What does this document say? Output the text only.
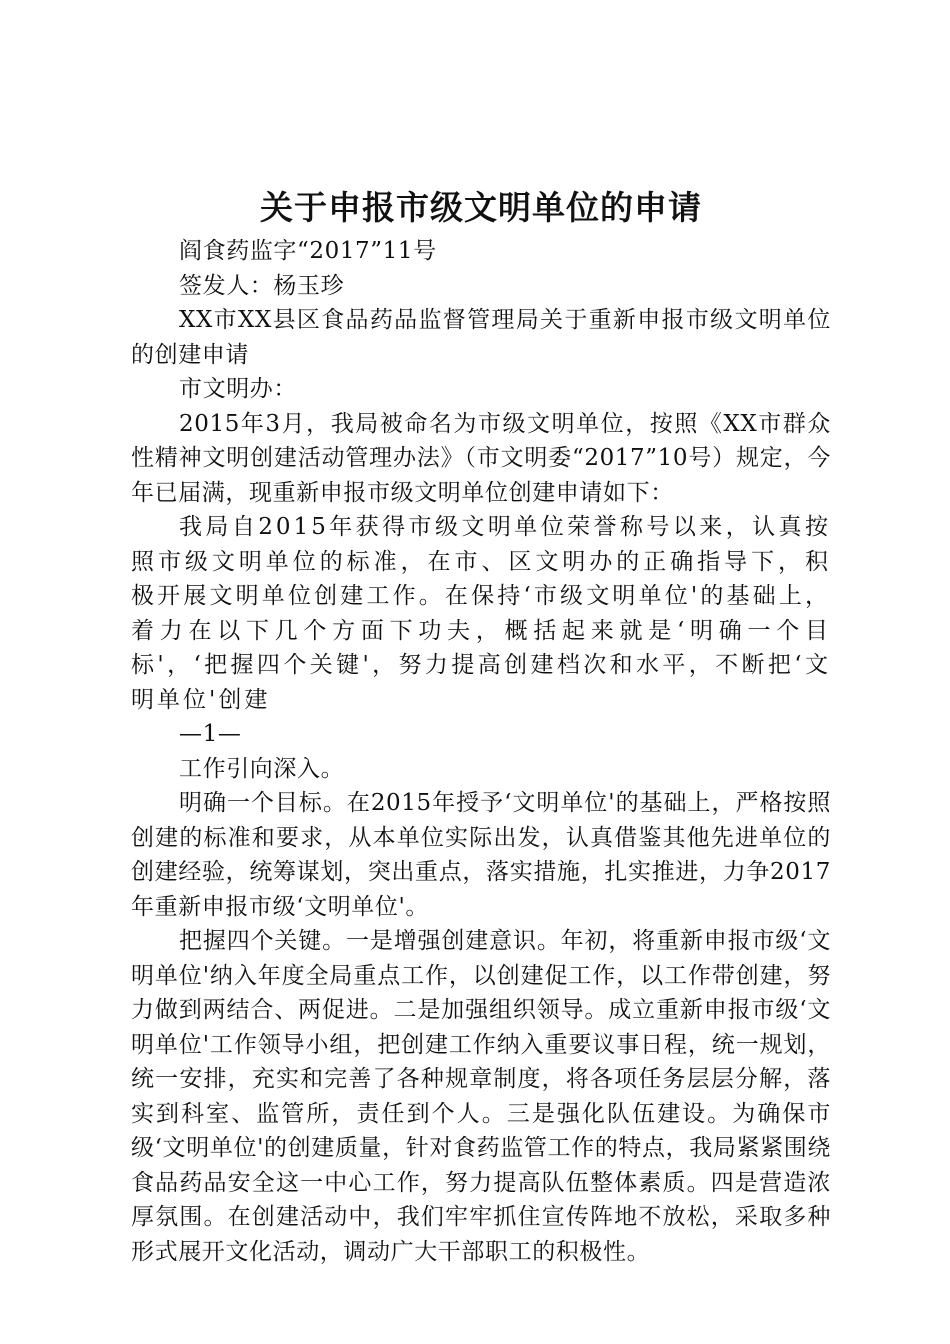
关于申报市级文明单位的申请

阎食药监字“2017”11号

签发人：杨玉珍

XX市XX县区食品药品监督管理局关于重新申报市级文明单位的创建申请

市文明办：

2015年3月，我局被命名为市级文明单位，按照《XX市群众性精神文明创建活动管理办法》（市文明委“2017”10号）规定，今年已届满，现重新申报市级文明单位创建申请如下：

我局自2015年获得市级文明单位荣誉称号以来，认真按照市级文明单位的标准，在市、区文明办的正确指导下，积极开展文明单位创建工作。在保持‘市级文明单位'的基础上，着力在以下几个方面下功夫，概括起来就是‘明确一个目标'，‘把握四个关键'，努力提高创建档次和水平，不断把‘文明单位'创建

—1—

工作引向深入。

明确一个目标。在2015年授予‘文明单位'的基础上，严格按照创建的标准和要求，从本单位实际出发，认真借鉴其他先进单位的创建经验，统筹谋划，突出重点，落实措施，扎实推进，力争2017年重新申报市级‘文明单位'。

把握四个关键。一是增强创建意识。年初，将重新申报市级‘文明单位'纳入年度全局重点工作，以创建促工作，以工作带创建，努力做到两结合、两促进。二是加强组织领导。成立重新申报市级‘文明单位'工作领导小组，把创建工作纳入重要议事日程，统一规划，统一安排，充实和完善了各种规章制度，将各项任务层层分解，落实到科室、监管所，责任到个人。三是强化队伍建设。为确保市级‘文明单位'的创建质量，针对食药监管工作的特点，我局紧紧围绕食品药品安全这一中心工作，努力提高队伍整体素质。四是营造浓厚氛围。在创建活动中，我们牢牢抓住宣传阵地不放松，采取多种形式展开文化活动，调动广大干部职工的积极性。
